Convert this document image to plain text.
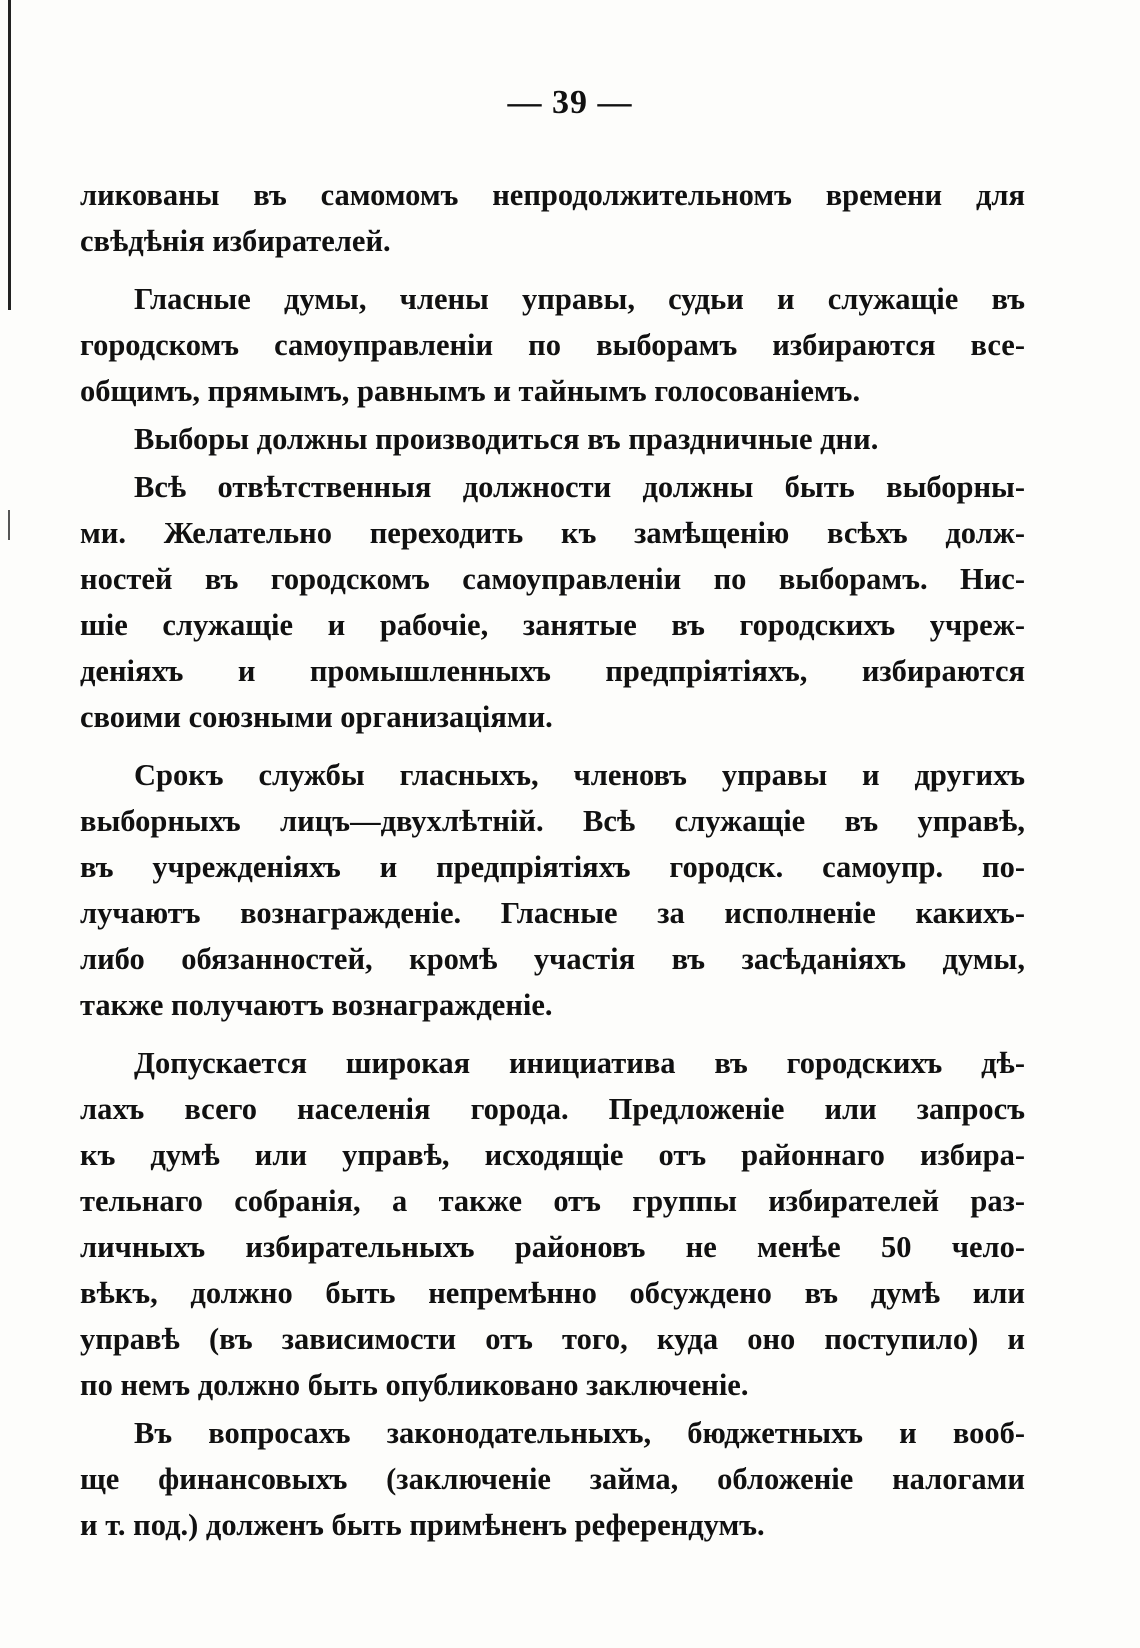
— 39 —
ликованы въ самомомъ непродолжительномъ времени для
свѣдѣнія избирателей.
Гласные думы, члены управы, судьи и служащіе въ
городскомъ самоуправленіи по выборамъ избираются все-
общимъ, прямымъ, равнымъ и тайнымъ голосованіемъ.
Выборы должны производиться въ праздничные дни.
Всѣ отвѣтственныя должности должны быть выборны-
ми. Желательно переходить къ замѣщенію всѣхъ долж-
ностей въ городскомъ самоуправленіи по выборамъ. Нис-
шіе служащіе и рабочіе, занятые въ городскихъ учреж-
деніяхъ и промышленныхъ предпріятіяхъ, избираются
своими союзными организаціями.
Срокъ службы гласныхъ, членовъ управы и другихъ
выборныхъ лицъ—двухлѣтній. Всѣ служащіе въ управѣ,
въ учрежденіяхъ и предпріятіяхъ городск. самоупр. по-
лучаютъ вознагражденіе. Гласные за исполненіе какихъ-
либо обязанностей, кромѣ участія въ засѣданіяхъ думы,
также получаютъ вознагражденіе.
Допускается широкая инициатива въ городскихъ дѣ-
лахъ всего населенія города. Предложеніе или запросъ
къ думѣ или управѣ, исходящіе отъ районнаго избира-
тельнаго собранія, а также отъ группы избирателей раз-
личныхъ избирательныхъ районовъ не менѣе 50 чело-
вѣкъ, должно быть непремѣнно обсуждено въ думѣ или
управѣ (въ зависимости отъ того, куда оно поступило) и
по немъ должно быть опубликовано заключеніе.
Въ вопросахъ законодательныхъ, бюджетныхъ и вооб-
ще финансовыхъ (заключеніе займа, обложеніе налогами
и т. под.) долженъ быть примѣненъ референдумъ.
